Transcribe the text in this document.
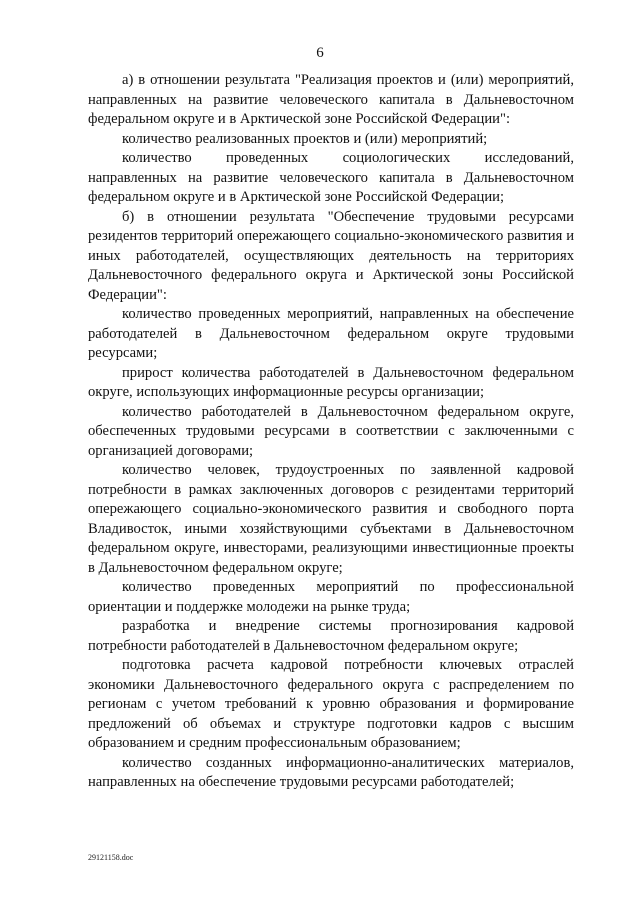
6

а) в отношении результата "Реализация проектов и (или) мероприятий, направленных на развитие человеческого капитала в Дальневосточном федеральном округе и в Арктической зоне Российской Федерации":

количество реализованных проектов и (или) мероприятий;

количество проведенных социологических исследований, направленных на развитие человеческого капитала в Дальневосточном федеральном округе и в Арктической зоне Российской Федерации;

б) в отношении результата "Обеспечение трудовыми ресурсами резидентов территорий опережающего социально-экономического развития и иных работодателей, осуществляющих деятельность на территориях Дальневосточного федерального округа и Арктической зоны Российской Федерации":

количество проведенных мероприятий, направленных на обеспечение работодателей в Дальневосточном федеральном округе трудовыми ресурсами;

прирост количества работодателей в Дальневосточном федеральном округе, использующих информационные ресурсы организации;

количество работодателей в Дальневосточном федеральном округе, обеспеченных трудовыми ресурсами в соответствии с заключенными с организацией договорами;

количество человек, трудоустроенных по заявленной кадровой потребности в рамках заключенных договоров с резидентами территорий опережающего социально-экономического развития и свободного порта Владивосток, иными хозяйствующими субъектами в Дальневосточном федеральном округе, инвесторами, реализующими инвестиционные проекты в Дальневосточном федеральном округе;

количество проведенных мероприятий по профессиональной ориентации и поддержке молодежи на рынке труда;

разработка и внедрение системы прогнозирования кадровой потребности работодателей в Дальневосточном федеральном округе;

подготовка расчета кадровой потребности ключевых отраслей экономики Дальневосточного федерального округа с распределением по регионам с учетом требований к уровню образования и формирование предложений об объемах и структуре подготовки кадров с высшим образованием и средним профессиональным образованием;

количество созданных информационно-аналитических материалов, направленных на обеспечение трудовыми ресурсами работодателей;

29121158.doc
